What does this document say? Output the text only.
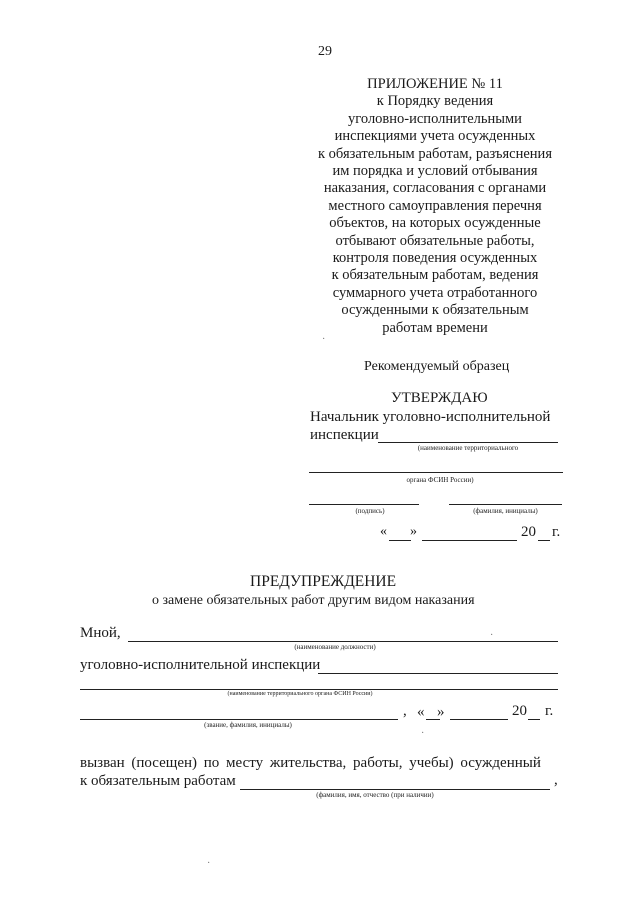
29
ПРИЛОЖЕНИЕ № 11
к Порядку ведения
уголовно-исполнительными
инспекциями учета осужденных
к обязательным работам, разъяснения
им порядка и условий отбывания
наказания, согласования с органами
местного самоуправления перечня
объектов, на которых осужденные
отбывают обязательные работы,
контроля поведения осужденных
к обязательным работам, ведения
суммарного учета отработанного
осужденными к обязательным
работам времени
Рекомендуемый образец
УТВЕРЖДАЮ
Начальник уголовно-исполнительной
инспекции
(наименование территориального
органа ФСИН России)
(подпись)	(фамилия, инициалы)
« »	20 г.
ПРЕДУПРЕЖДЕНИЕ
о замене обязательных работ другим видом наказания
Мной,
(наименование должности)
уголовно-исполнительной инспекции
(наименование территориального органа ФСИН России)
, « »	20 г.
(звание, фамилия, инициалы)
вызван (посещен) по месту жительства, работы, учебы) осужденный
к обязательным работам	,
(фамилия, имя, отчество (при наличии)
·
·
·
·
